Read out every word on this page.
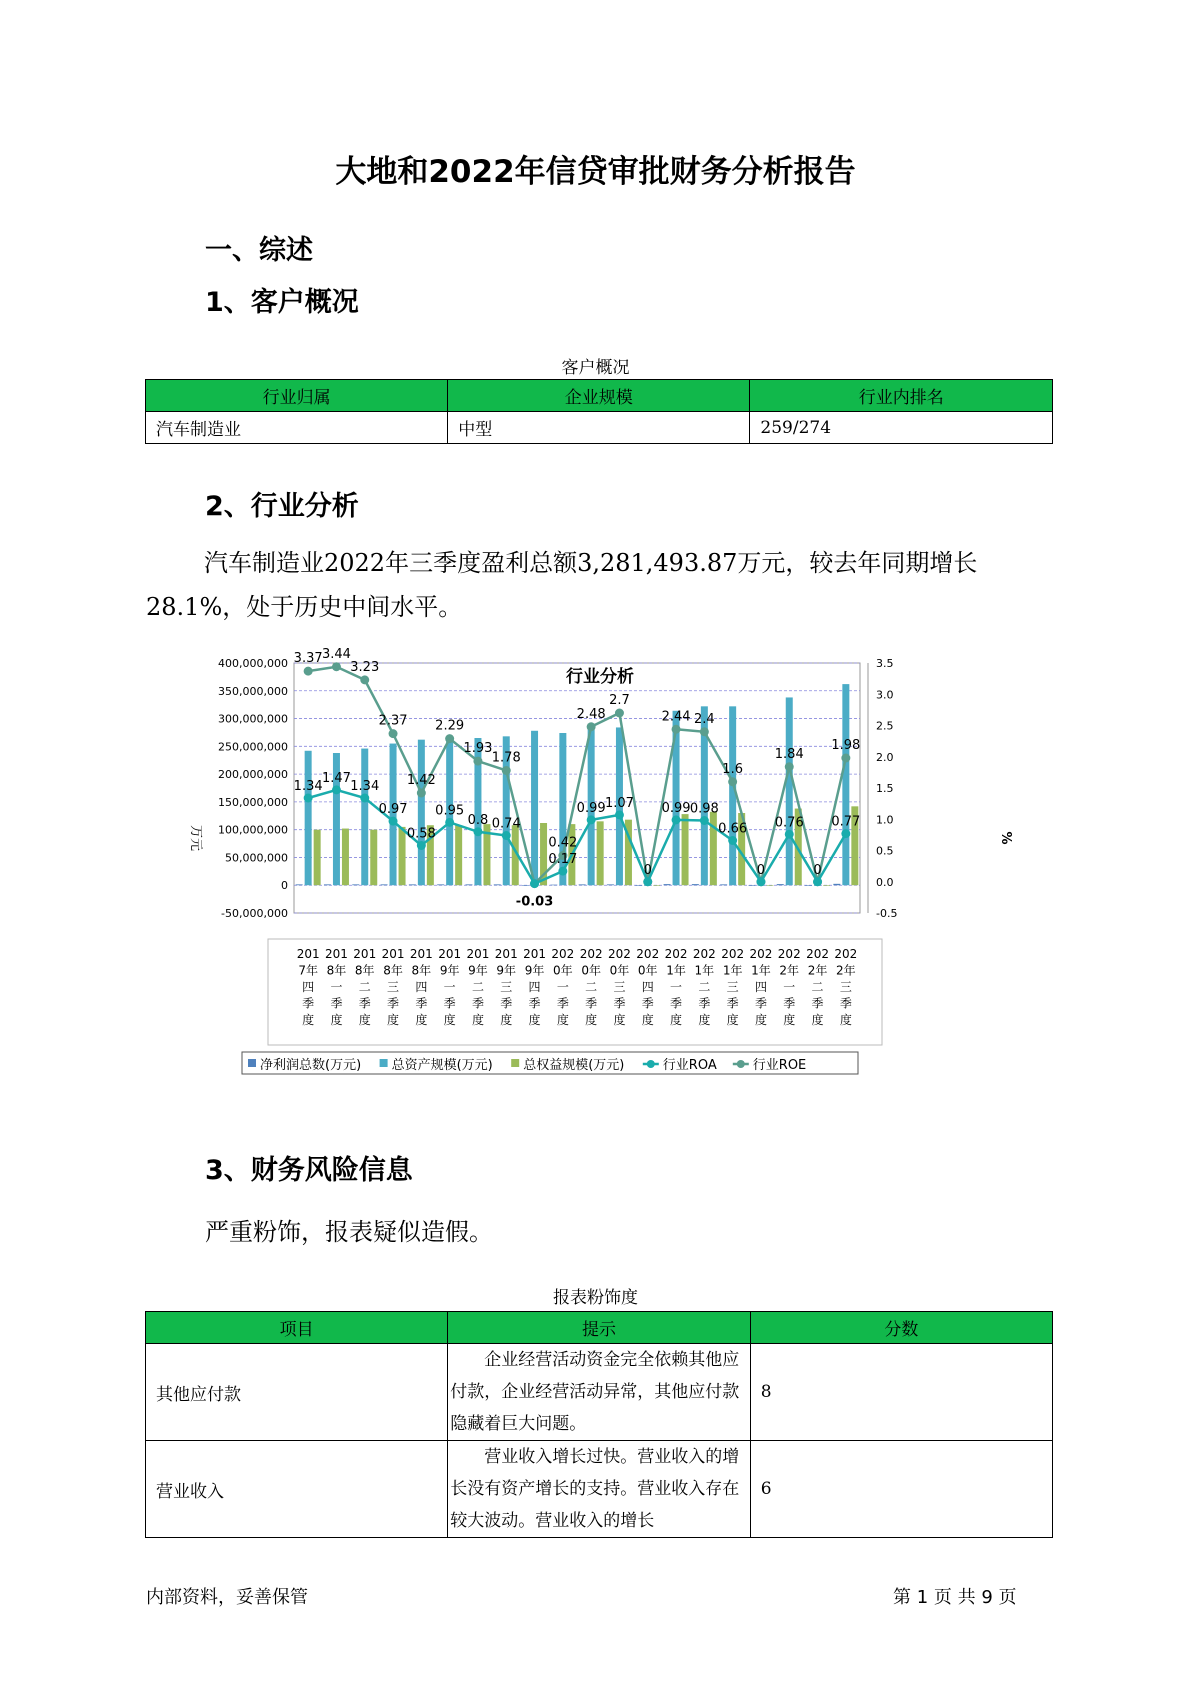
大地和2022年信贷审批财务分析报告
一、综述
1、客户概况
客户概况
行业归属	企业规模	行业内排名
汽车制造业	中型	259/274
2、行业分析
汽车制造业2022年三季度盈利总额3,281,493.87万元，较去年同期增长28.1%，处于历史中间水平。
行业分析
400,000,000
350,000,000
300,000,000
250,000,000
200,000,000
150,000,000
100,000,000
50,000,000
0
-50,000,000
3.5
3.0
2.5
2.0
1.5
1.0
0.5
0.0
-0.5
1.34
1.47
1.34
0.97
0.58
0.95
0.8 0.74
-0.03
0.17
0.99 1.07
0
0.99 0.98
0.66
0
0.76
0
0.77
3.37 3.44
3.23
2.37
1.42
2.29
1.93
1.78
0.42
2.48
2.7
2.44 2.4
1.6
1.84
1.98
201
7年
四
季
度
201
8年
一
季
度
201
8年
二
季
度
201
8年
三
季
度
201
8年
四
季
度
201
9年
一
季
度
201
9年
二
季
度
201
9年
三
季
度
201
9年
四
季
度
202
0年
一
季
度
202
0年
二
季
度
202
0年
三
季
度
202
0年
四
季
度
202
1年
一
季
度
202
1年
二
季
度
202
1年
三
季
度
202
1年
四
季
度
202
2年
一
季
度
202
2年
二
季
度
202
2年
三
季
度
净利润总数(万元) 总资产规模(万元) 总权益规模(万元)	行业ROA	行业ROE
万元	%
3、财务风险信息
严重粉饰，报表疑似造假。
报表粉饰度
项目	提示	分数
其他应付款	企业经营活动资金完全依赖其他应付款，企业经营活动异常，其他应付款隐藏着巨大问题。	8
营业收入	营业收入增长过快。营业收入的增长没有资产增长的支持。营业收入存在较大波动。营业收入的增长	6
内部资料，妥善保管	第 1 页 共 9 页
